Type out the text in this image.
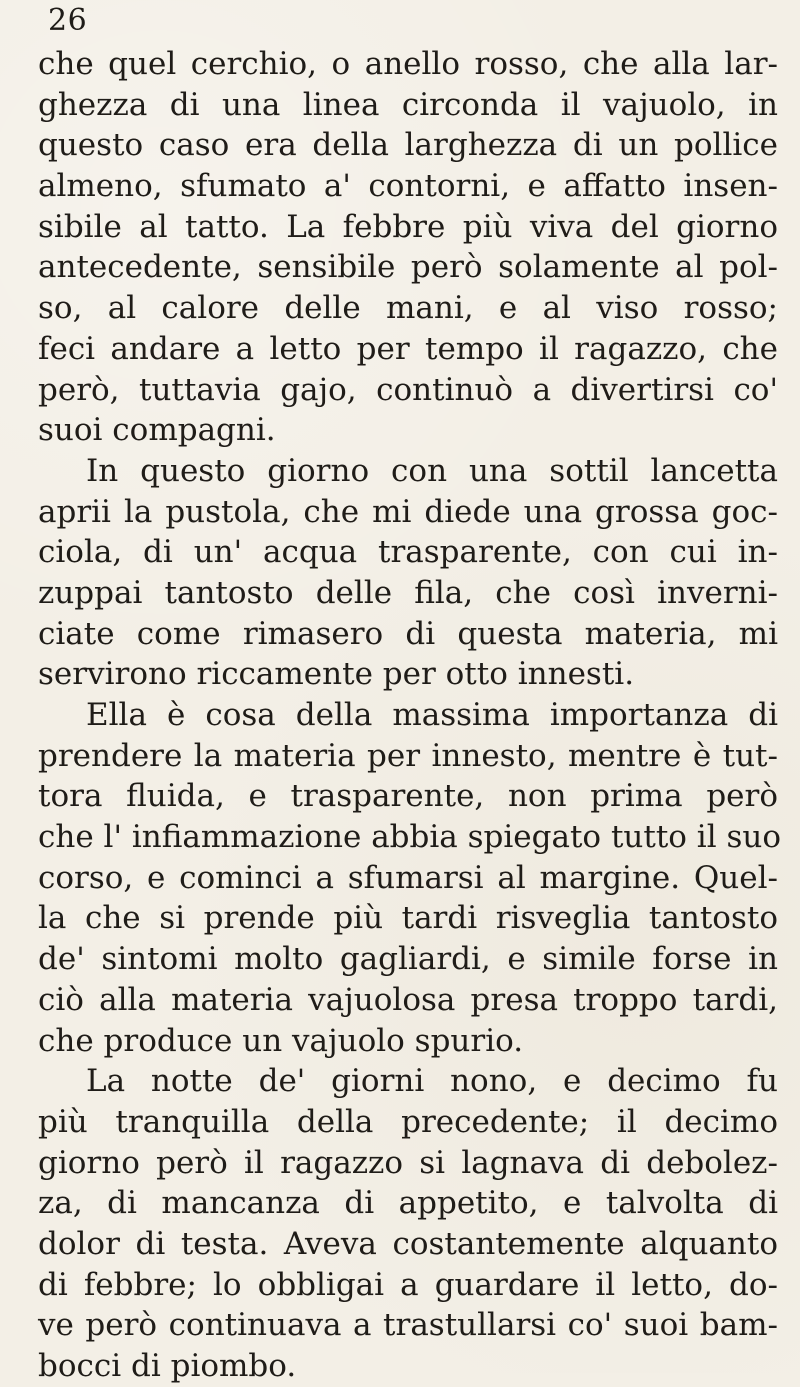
26
che quel cerchio, o anello rosso, che alla lar-
ghezza di una linea circonda il vajuolo, in
questo caso era della larghezza di un pollice
almeno, sfumato a' contorni, e affatto insen-
sibile al tatto. La febbre più viva del giorno
antecedente, sensibile però solamente al pol-
so, al calore delle mani, e al viso rosso;
feci andare a letto per tempo il ragazzo, che
però, tuttavia gajo, continuò a divertirsi co'
suoi compagni.
In questo giorno con una sottil lancetta
aprii la pustola, che mi diede una grossa goc-
ciola, di un' acqua trasparente, con cui in-
zuppai tantosto delle fila, che così inverni-
ciate come rimasero di questa materia, mi
servirono riccamente per otto innesti.
Ella è cosa della massima importanza di
prendere la materia per innesto, mentre è tut-
tora fluida, e trasparente, non prima però
che l' infiammazione abbia spiegato tutto il suo
corso, e cominci a sfumarsi al margine. Quel-
la che si prende più tardi risveglia tantosto
de' sintomi molto gagliardi, e simile forse in
ciò alla materia vajuolosa presa troppo tardi,
che produce un vajuolo spurio.
La notte de' giorni nono, e decimo fu
più tranquilla della precedente; il decimo
giorno però il ragazzo si lagnava di debolez-
za, di mancanza di appetito, e talvolta di
dolor di testa. Aveva costantemente alquanto
di febbre; lo obbligai a guardare il letto, do-
ve però continuava a trastullarsi co' suoi bam-
bocci di piombo.
